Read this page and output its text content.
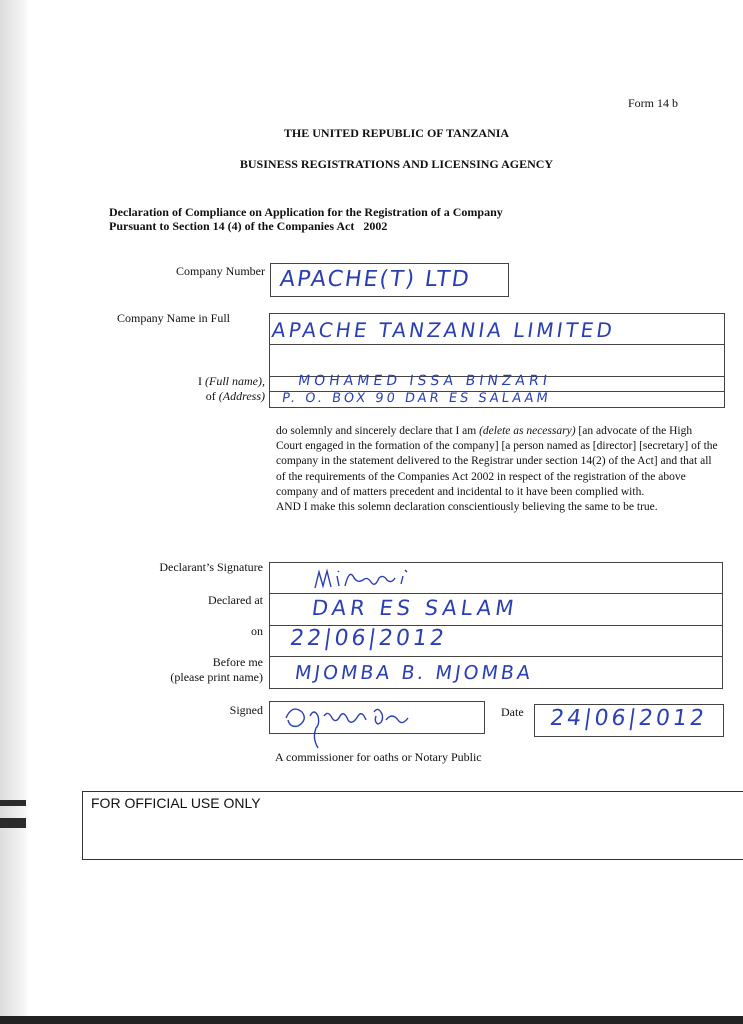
Form 14 b
THE UNITED REPUBLIC OF TANZANIA
BUSINESS REGISTRATIONS AND LICENSING AGENCY
Declaration of Compliance on Application for the Registration of a Company
Pursuant to Section 14 (4) of the Companies Act   2002
Company Number APACHE(T) LTD
Company Name in Full APACHE TANZANIA LIMITED
I (Full name),
of (Address)
MOHAMED ISSA BINZARI
P. O. BOX 90 DAR ES SALAAM
do solemnly and sincerely declare that I am (delete as necessary) [an advocate of the High Court engaged in the formation of the company] [a person named as [director] [secretary] of the company in the statement delivered to the Registrar under section 14(2) of the Act] and that all of the requirements of the Companies Act 2002 in respect of the registration of the above company and of matters precedent and incidental to it have been complied with.
AND I make this solemn declaration conscientiously believing the same to be true.
Declarant’s Signature
Declared at
on
Before me
(please print name)
DAR ES SALAM
22|06|2012
MJOMBA B. MJOMBA
Signed	Date 24|06|2012
A commissioner for oaths or Notary Public
FOR OFFICIAL USE ONLY
